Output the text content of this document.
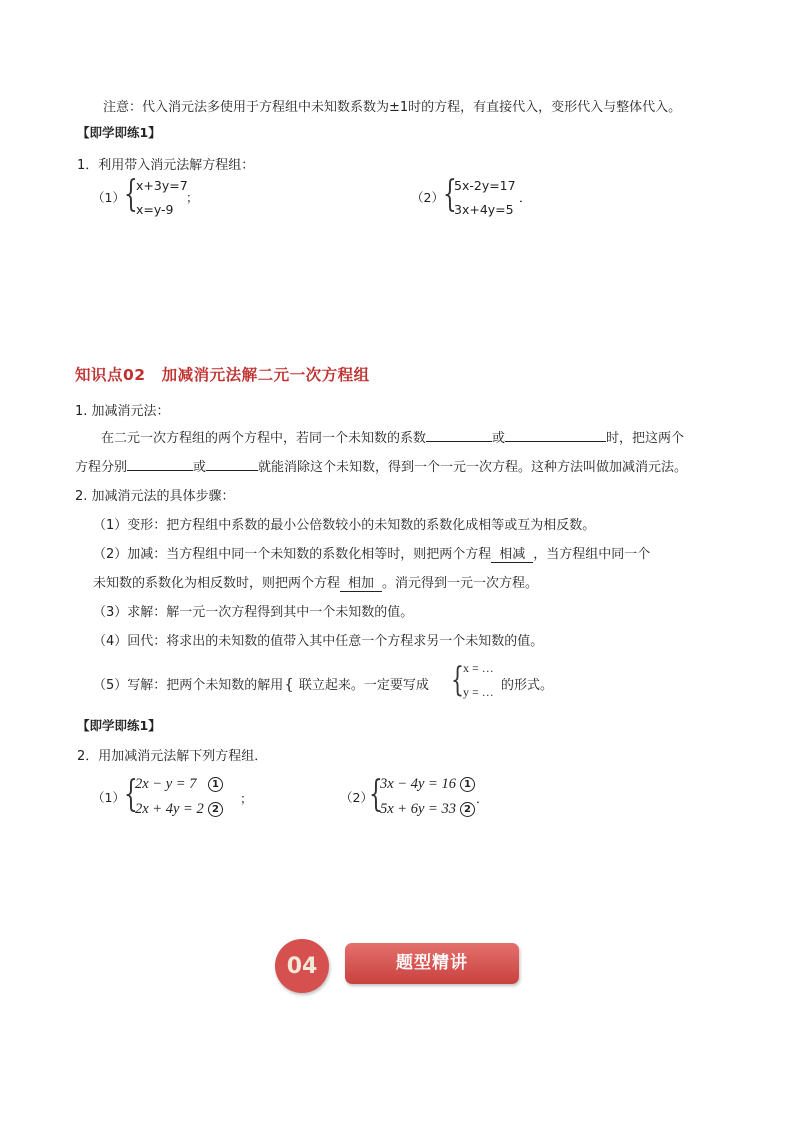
注意：代入消元法多使用于方程组中未知数系数为±1时的方程，有直接代入，变形代入与整体代入。
【即学即练1】
1．利用带入消元法解方程组：
（1） {
x+3y=7
x=y-9
；	（2） {
5x-2y=17
3x+4y=5
．
知识点02　加减消元法解二元一次方程组
1. 加减消元法：
在二元一次方程组的两个方程中，若同一个未知数的系数	或	时，把这两个
方程分别	或	就能消除这个未知数，得到一个一元一次方程。这种方法叫做加减消元法。
2. 加减消元法的具体步骤：
（1）变形：把方程组中系数的最小公倍数较小的未知数的系数化成相等或互为相反数。
（2）加减：当方程组中同一个未知数的系数化相等时，则把两个方程 相减 ，当方程组中同一个
未知数的系数化为相反数时，则把两个方程 相加 。消元得到一元一次方程。
（3）求解：解一元一次方程得到其中一个未知数的值。
（4）回代：将求出的未知数的值带入其中任意一个方程求另一个未知数的值。
（5）写解：把两个未知数的解用{ 联立起来。一定要写成 { x = …
y = … 的形式。
【即学即练1】
2．用加减消元法解下列方程组．
（1） {
2x − y = 7	1
2x + 4y = 2 2
；	（2）
{
3x − 4y = 16 1
5x + 6y = 33 2
．
04	题型精讲
